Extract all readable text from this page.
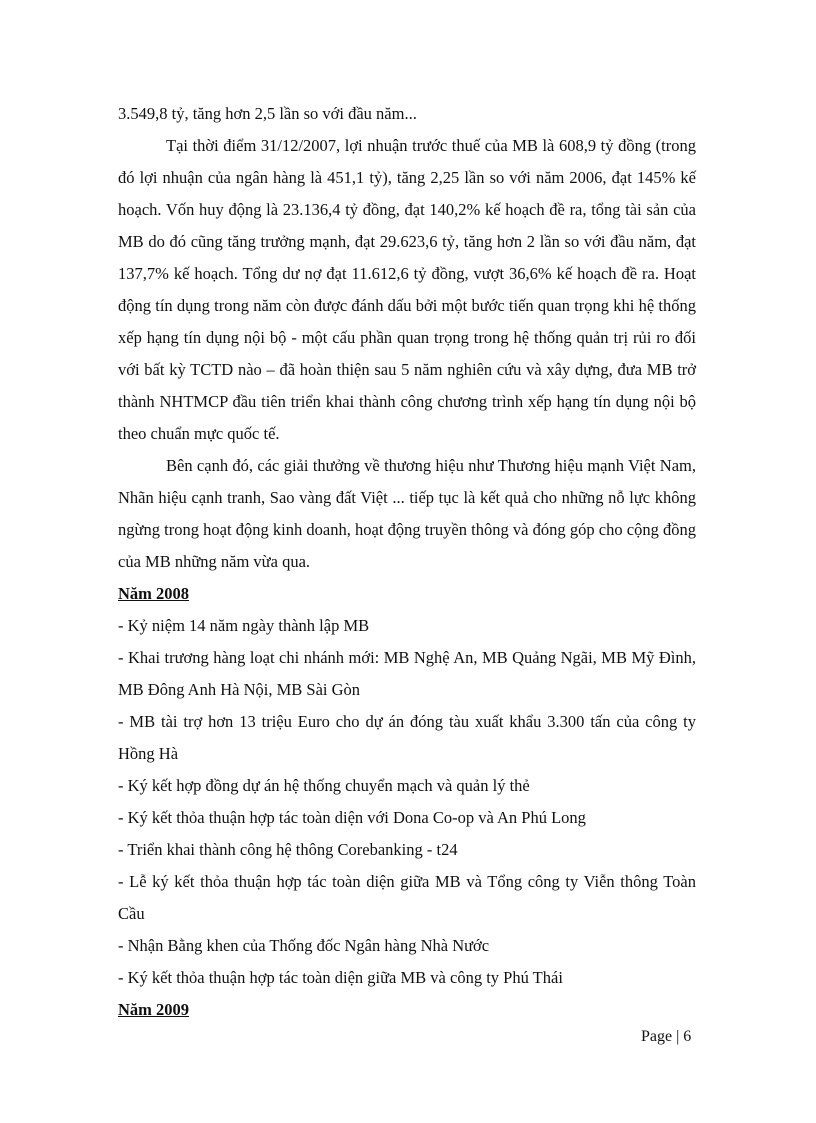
3.549,8 tỷ, tăng hơn 2,5 lần so với đầu năm...

Tại thời điểm 31/12/2007, lợi nhuận trước thuế của MB là 608,9 tỷ đồng (trong đó lợi nhuận của ngân hàng là 451,1 tỷ), tăng 2,25 lần so với năm 2006, đạt 145% kế hoạch. Vốn huy động là 23.136,4 tỷ đồng, đạt 140,2% kế hoạch đề ra, tổng tài sản của MB do đó cũng tăng trưởng mạnh, đạt 29.623,6 tỷ, tăng hơn 2 lần so với đầu năm, đạt 137,7% kế hoạch. Tổng dư nợ đạt 11.612,6 tỷ đồng, vượt 36,6% kế hoạch đề ra. Hoạt động tín dụng trong năm còn được đánh dấu bởi một bước tiến quan trọng khi hệ thống xếp hạng tín dụng nội bộ - một cấu phần quan trọng trong hệ thống quản trị rủi ro đối với bất kỳ TCTD nào – đã hoàn thiện sau 5 năm nghiên cứu và xây dựng, đưa MB trở thành NHTMCP đầu tiên triển khai thành công chương trình xếp hạng tín dụng nội bộ theo chuẩn mực quốc tế.

Bên cạnh đó, các giải thưởng về thương hiệu như Thương hiệu mạnh Việt Nam, Nhãn hiệu cạnh tranh, Sao vàng đất Việt ... tiếp tục là kết quả cho những nỗ lực không ngừng trong hoạt động kinh doanh, hoạt động truyền thông và đóng góp cho cộng đồng của MB những năm vừa qua.

Năm 2008

- Kỷ niệm 14 năm ngày thành lập MB

- Khai trương hàng loạt chi nhánh mới: MB Nghệ An, MB Quảng Ngãi, MB Mỹ Đình, MB Đông Anh Hà Nội, MB Sài Gòn

- MB tài trợ hơn 13 triệu Euro cho dự án đóng tàu xuất khẩu 3.300 tấn của công ty Hồng Hà

- Ký kết hợp đồng dự án hệ thống chuyển mạch và quản lý thẻ

- Ký kết thỏa thuận hợp tác toàn diện với Dona Co-op và An Phú Long

- Triển khai thành công hệ thông Corebanking - t24

- Lễ ký kết thỏa thuận hợp tác toàn diện giữa MB và Tổng công ty Viễn thông Toàn Cầu

- Nhận Bằng khen của Thống đốc Ngân hàng Nhà Nước

- Ký kết thỏa thuận hợp tác toàn diện giữa MB và công ty Phú Thái

Năm 2009

Page | 6
